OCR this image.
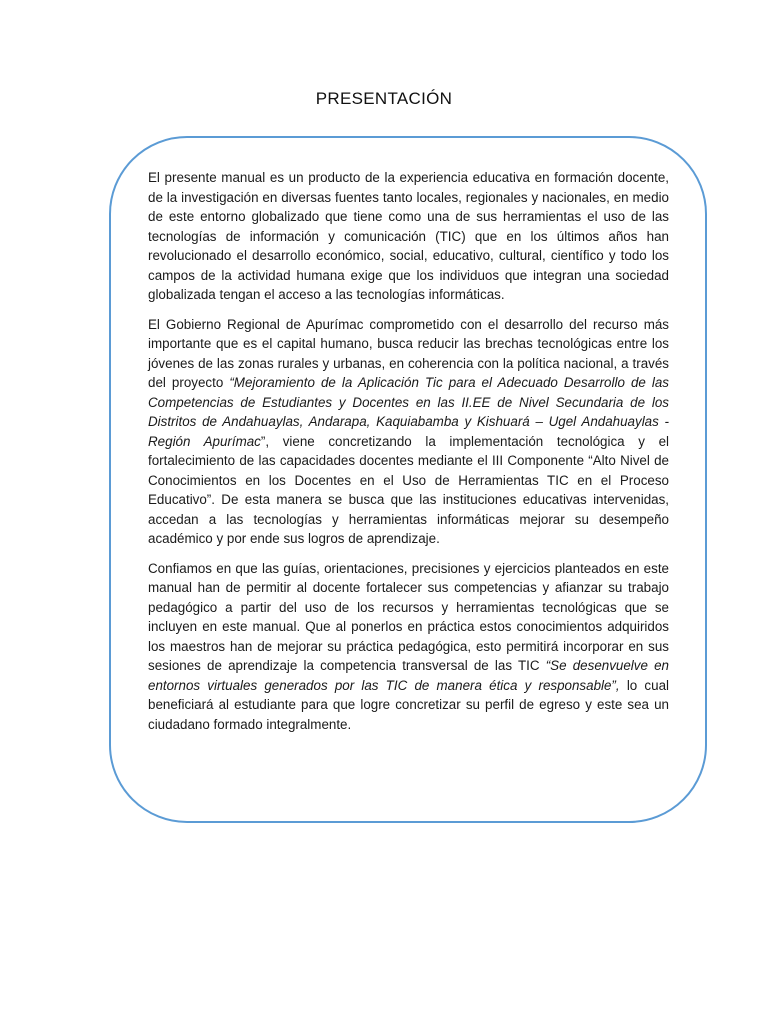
PRESENTACIÓN

El presente manual es un producto de la experiencia educativa en formación docente, de la investigación en diversas fuentes tanto locales, regionales y nacionales, en medio de este entorno globalizado que tiene como una de sus herramientas el uso de las tecnologías de información y comunicación (TIC) que en los últimos años han revolucionado el desarrollo económico, social, educativo, cultural, científico y todo los campos de la actividad humana exige que los individuos que integran una sociedad globalizada tengan el acceso a las tecnologías informáticas.

El Gobierno Regional de Apurímac comprometido con el desarrollo del recurso más importante que es el capital humano, busca reducir las brechas tecnológicas entre los jóvenes de las zonas rurales y urbanas, en coherencia con la política nacional, a través del proyecto “Mejoramiento de la Aplicación Tic para el Adecuado Desarrollo de las Competencias de Estudiantes y Docentes en las II.EE de Nivel Secundaria de los Distritos de Andahuaylas, Andarapa, Kaquiabamba y Kishuará – Ugel Andahuaylas - Región Apurímac”, viene concretizando la implementación tecnológica y el fortalecimiento de las capacidades docentes mediante el III Componente “Alto Nivel de Conocimientos en los Docentes en el Uso de Herramientas TIC en el Proceso Educativo”. De esta manera se busca que las instituciones educativas intervenidas, accedan a las tecnologías y herramientas informáticas mejorar su desempeño académico y por ende sus logros de aprendizaje.

Confiamos en que las guías, orientaciones, precisiones y ejercicios planteados en este manual han de permitir al docente fortalecer sus competencias y afianzar su trabajo pedagógico a partir del uso de los recursos y herramientas tecnológicas que se incluyen en este manual. Que al ponerlos en práctica estos conocimientos adquiridos los maestros han de mejorar su práctica pedagógica, esto permitirá incorporar en sus sesiones de aprendizaje la competencia transversal de las TIC “Se desenvuelve en entornos virtuales generados por las TIC de manera ética y responsable”, lo cual beneficiará al estudiante para que logre concretizar su perfil de egreso y este sea un ciudadano formado integralmente.
